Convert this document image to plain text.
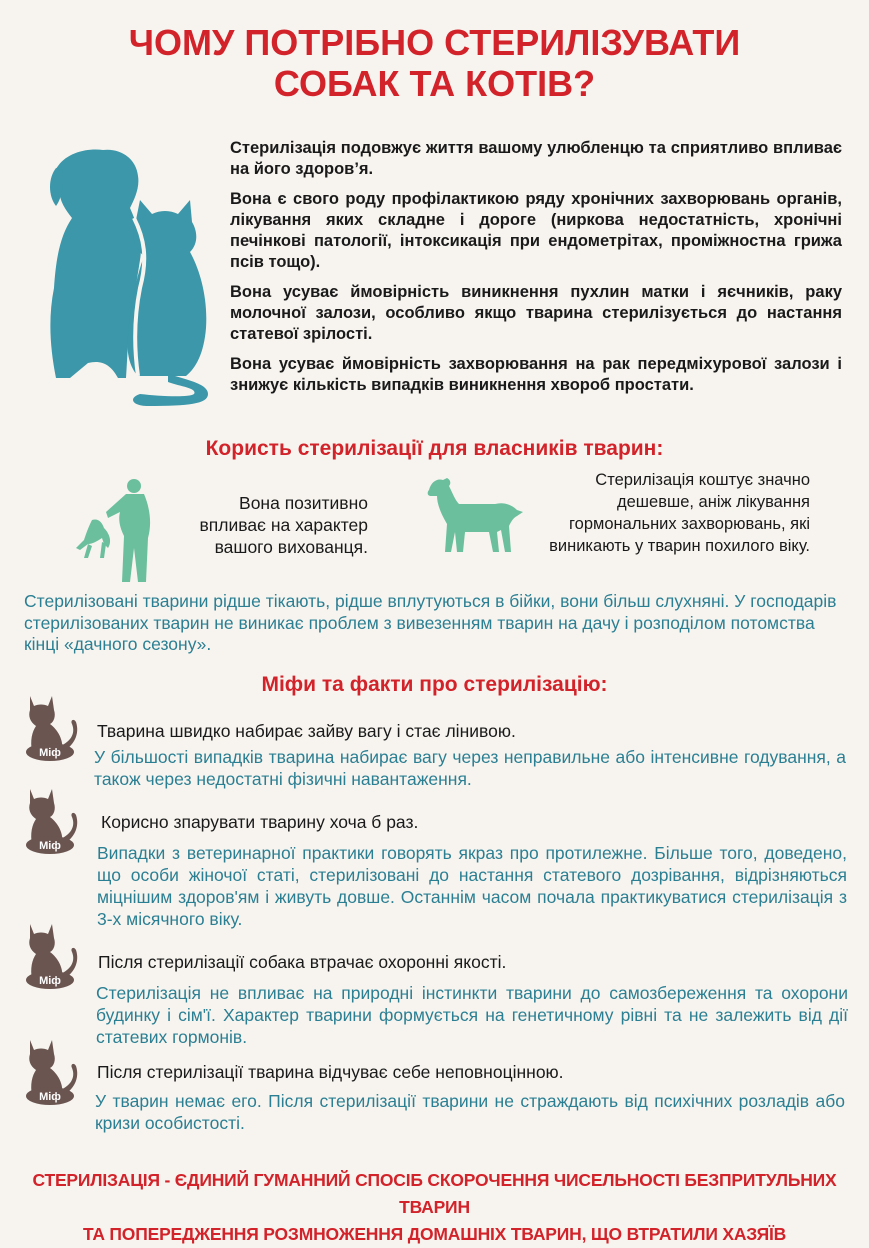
ЧОМУ ПОТРІБНО СТЕРИЛІЗУВАТИ
СОБАК ТА КОТІВ?

Стерилізація подовжує життя вашому улюбленцю та сприятливо впливає на його здоров’я.

Вона є свого роду профілактикою ряду хронічних захворювань органів, лікування яких складне і дороге (ниркова недостатність, хронічні печінкові патології, інтоксикація при ендометрітах, проміжностна грижа псів тощо).

Вона усуває ймовірність виникнення пухлин матки і яєчників, раку молочної залози, особливо якщо тварина стерилізується до настання статевої зрілості.

Вона усуває ймовірність захворювання на рак передміхурової залози і знижує кількість випадків виникнення хвороб простати.

Користь стерилізації для власників тварин:
Вона позитивно впливає на характер вашого вихованця.
Стерилізація коштує значно дешевше, аніж лікування гормональних захворювань, які виникають у тварин похилого віку.
Стерилізовані тварини рідше тікають, рідше вплутуються в бійки, вони більш слухняні. У господарів стерилізованих тварин не виникає проблем з вивезенням тварин на дачу і розподілом потомства кінці «дачного сезону».
Міфи та факти про стерилізацію:
Міф
Тварина швидко набирає зайву вагу і стає лінивою.
У більшості випадків тварина набирає вагу через неправильне або інтенсивне годування, а також через недостатні фізичні навантаження.
Міф
Корисно зпарувати тварину хоча б раз.
Випадки з ветеринарної практики говорять якраз про протилежне. Більше того, доведено, що особи жіночої статі, стерилізовані до настання статевого дозрівання, відрізняються міцнішим здоров'ям і живуть довше. Останнім часом почала практикуватися стерилізація з 3-х місячного віку.
Міф
Після стерилізації собака втрачає охоронні якості.
Стерилізація не впливає на природні інстинкти тварини до самозбереження та охорони будинку і сім'ї. Характер тварини формується на генетичному рівні та не залежить від дії статевих гормонів.
Міф
Після стерилізації тварина відчуває себе неповноцінною.
У тварин немає его. Після стерилізації тварини не страждають від психічних розладів або кризи особистості.
СТЕРИЛІЗАЦІЯ - ЄДИНИЙ ГУМАННИЙ СПОСІБ СКОРОЧЕННЯ ЧИСЕЛЬНОСТІ БЕЗПРИТУЛЬНИХ ТВАРИН
ТА ПОПЕРЕДЖЕННЯ РОЗМНОЖЕННЯ ДОМАШНІХ ТВАРИН, ЩО ВТРАТИЛИ ХАЗЯЇВ
